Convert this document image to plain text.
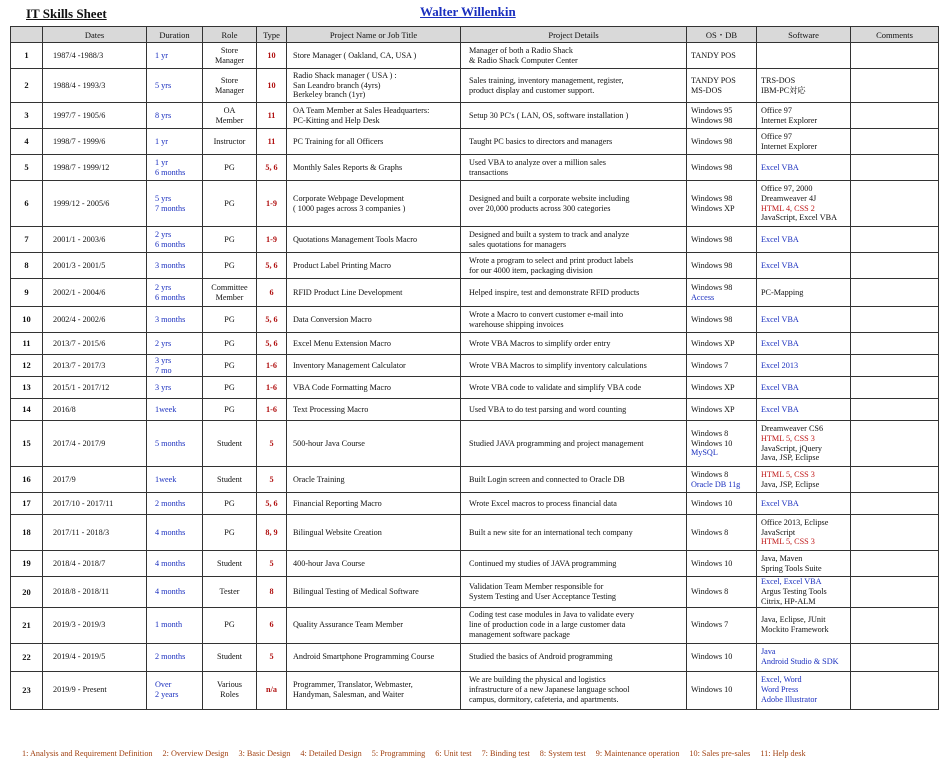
IT Skills Sheet	Walter Willenkin
	Dates	Duration	Role	Type	Project Name or Job Title	Project Details	OS・DB	Software	Comments
1	1987/4 -1988/3	1 yr	Store
Manager	10	Store Manager ( Oakland, CA, USA )	Manager of both a Radio Shack
& Radio Shack Computer Center	TANDY POS		

2	1988/4 - 1993/3	5 yrs	Store
Manager	10	Radio Shack manager ( USA ) :
San Leandro branch (4yrs)
Berkeley branch (1yr)	Sales training, inventory management, register,
product display and customer support.	TANDY POS
MS-DOS	TRS-DOS
IBM-PC対応	

3	1997/7 - 1905/6	8 yrs	OA
Member	11	OA Team Member at Sales Headquarters:
PC-Kitting and Help Desk	Setup 30 PC's ( LAN, OS, software installation )	Windows 95
Windows 98	Office 97
Internet Explorer	

4	1998/7 - 1999/6	1 yr	Instructor	11	PC Training for all Officers	Taught PC basics to directors and managers	Windows 98	Office 97
Internet Explorer	

5	1998/7 - 1999/12	1 yr
6 months	PG	5, 6	Monthly Sales Reports & Graphs	Used VBA to analyze over a million sales
transactions	Windows 98	Excel VBA	

6	1999/12 - 2005/6	5 yrs
7 months	PG	1-9	Corporate Webpage Development
( 1000 pages across 3 companies )	Designed and built a corporate website including
over 20,000 products across 300 categories	Windows 98
Windows XP	Office 97, 2000
Dreamweaver 4J
HTML 4, CSS 2
JavaScript, Excel VBA	

7	2001/1 - 2003/6	2 yrs
6 months	PG	1-9	Quotations Management Tools Macro	Designed and built a system to track and analyze
sales quotations for managers	Windows 98	Excel VBA	

8	2001/3 - 2001/5	3 months	PG	5, 6	Product Label Printing Macro	Wrote a program to select and print product labels
for our 4000 item, packaging division	Windows 98	Excel VBA	

9	2002/1 - 2004/6	2 yrs
6 months	Committee
Member	6	RFID Product Line Development	Helped inspire, test and demonstrate RFID products	Windows 98
Access	PC-Mapping	

10	2002/4 - 2002/6	3 months	PG	5, 6	Data Conversion Macro	Wrote a Macro to convert customer e-mail into
warehouse shipping invoices	Windows 98	Excel VBA	

11	2013/7 - 2015/6	2 yrs	PG	5, 6	Excel Menu Extension Macro	Wrote VBA Macros to simplify order entry	Windows XP	Excel VBA	

12	2013/7 - 2017/3	3 yrs
7 mo	PG	1-6	Inventory Management Calculator	Wrote VBA Macros to simplify inventory calculations	Windows 7	Excel 2013	

13	2015/1 - 2017/12	3 yrs	PG	1-6	VBA Code Formatting Macro	Wrote VBA code to validate and simplify VBA code	Windows XP	Excel VBA	

14	2016/8	1week	PG	1-6	Text Processing Macro	Used VBA to do test parsing and word counting	Windows XP	Excel VBA	

15	2017/4 - 2017/9	5 months	Student	5	500-hour Java Course	Studied JAVA programming and project management	Windows 8
Windows 10
MySQL	Dreamweaver CS6
HTML 5, CSS 3
JavaScript, jQuery
Java, JSP, Eclipse	

16	2017/9	1week	Student	5	Oracle Training	Built Login screen and connected to Oracle DB	Windows 8
Oracle DB 11g	HTML 5, CSS 3
Java, JSP, Eclipse	

17	2017/10 - 2017/11	2 months	PG	5, 6	Financial Reporting Macro	Wrote Excel macros to process financial data	Windows 10	Excel VBA	

18	2017/11 - 2018/3	4 months	PG	8, 9	Bilingual Website Creation	Built a new site for an international tech company	Windows 8	Office 2013, Eclipse
JavaScript
HTML 5, CSS 3	

19	2018/4 - 2018/7	4 months	Student	5	400-hour Java Course	Continued my studies of JAVA programming	Windows 10	Java, Maven
Spring Tools Suite	

20	2018/8 - 2018/11	4 months	Tester	8	Bilingual Testing of Medical Software	Validation Team Member responsible for
System Testing and User Acceptance Testing	Windows 8	Excel, Excel VBA
Argus Testing Tools
Citrix, HP-ALM	

21	2019/3 - 2019/3	1 month	PG	6	Quality Assurance Team Member	Coding test case modules in Java to validate every
line of production code in a large customer data
management software package	Windows 7	Java, Eclipse, JUnit
Mockito Framework	

22	2019/4 - 2019/5	2 months	Student	5	Android Smartphone Programming Course	Studied the basics of Android programming	Windows 10	Java
Android Studio & SDK	

23	2019/9 - Present	Over
2 years	Various
Roles	n/a	Programmer, Translator, Webmaster,
Handyman, Salesman, and Waiter	We are building the physical and logistics
infrastructure of a new Japanese language school
campus, dormitory, cafeteria, and apartments.	Windows 10	Excel, Word
Word Press
Adobe Illustrator	

1: Analysis and Requirement Definition 2: Overview Design 3: Basic Design 4: Detailed Design 5: Programming 6: Unit test 7: Binding test 8: System test 9: Maintenance operation 10: Sales pre-sales 11: Help desk
